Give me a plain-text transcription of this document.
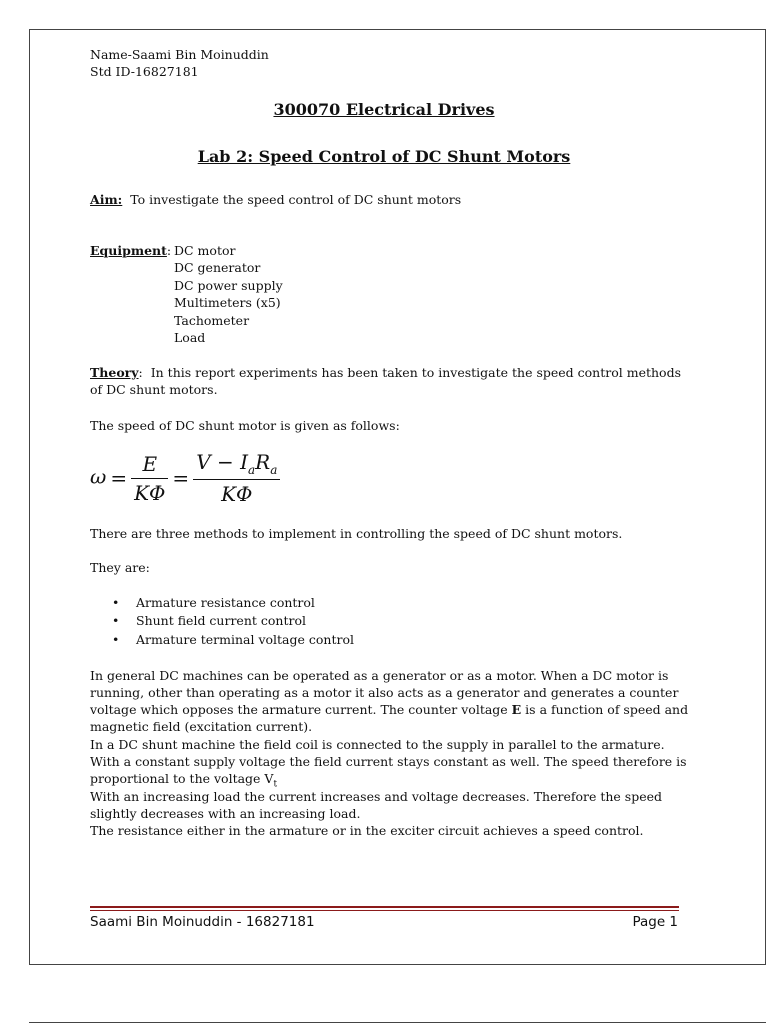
Name-Saami Bin Moinuddin
Std ID-16827181
300070 Electrical Drives
Lab 2: Speed Control of DC Shunt Motors
Aim: To investigate the speed control of DC shunt motors
Equipment: DC motor
DC generator
DC power supply
Multimeters (x5)
Tachometer
Load
Theory:  In this report experiments has been taken to investigate the speed control methods of DC shunt motors.
The speed of DC shunt motor is given as follows:
$\omega = \frac{E}{K\Phi} = \frac{V - I_aR_a}{K\Phi}$
There are three methods to implement in controlling the speed of DC shunt motors.
They are:
• Armature resistance control
• Shunt field current control
• Armature terminal voltage control
In general DC machines can be operated as a generator or as a motor. When a DC motor is running, other than operating as a motor it also acts as a generator and generates a counter voltage which opposes the armature current. The counter voltage E is a function of speed and magnetic field (excitation current).
In a DC shunt machine the field coil is connected to the supply in parallel to the armature. With a constant supply voltage the field current stays constant as well. The speed therefore is proportional to the voltage $V_t$
With an increasing load the current increases and voltage decreases. Therefore the speed slightly decreases with an increasing load.
The resistance either in the armature or in the exciter circuit achieves a speed control.
Saami Bin Moinuddin - 16827181	Page 1
